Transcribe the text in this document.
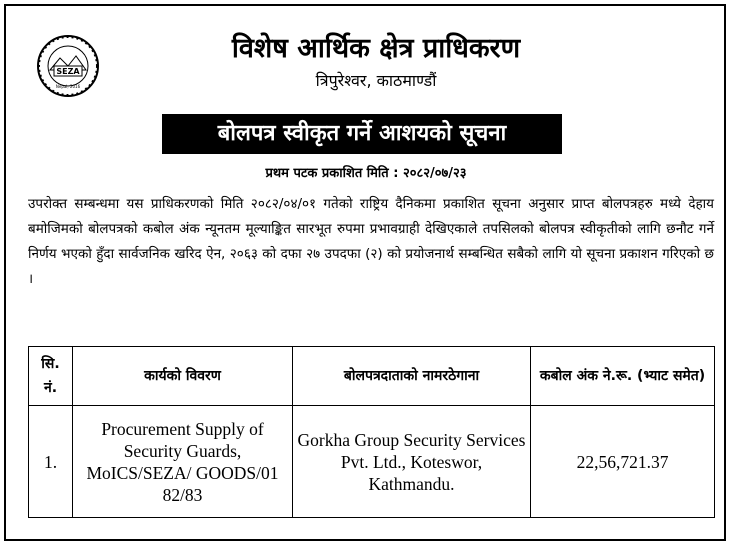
SEZA
Nepal, 2016
विशेष आर्थिक क्षेत्र प्राधिकरण
त्रिपुरेश्वर, काठमाण्डौं
बोलपत्र स्वीकृत गर्ने आशयको सूचना
प्रथम पटक प्रकाशित मिति : २०८२/०७/२३
उपरोक्त सम्बन्धमा यस प्राधिकरणको मिति २०८२/०४/०१ गतेको राष्ट्रिय दैनिकमा प्रकाशित सूचना अनुसार प्राप्त बोलपत्रहरु मध्ये देहाय बमोजिमको बोलपत्रको कबोल अंक न्यूनतम मूल्याङ्कित सारभूत रुपमा प्रभावग्राही देखिएकाले तपसिलको बोलपत्र स्वीकृतीको लागि छनौट गर्ने निर्णय भएको हुँदा सार्वजनिक खरिद ऐन, २०६३ को दफा २७ उपदफा (२) को प्रयोजनार्थ सम्बन्धित सबैको लागि यो सूचना प्रकाशन गरिएको छ ।
सि. नं.	कार्यको विवरण	बोलपत्रदाताको नामरठेगाना	कबोल अंक ने.रू. (भ्याट समेत)
1.	Procurement Supply of Security Guards, MoICS/SEZA/ GOODS/01 82/83	Gorkha Group Security Services Pvt. Ltd., Koteswor, Kathmandu.	22,56,721.37
